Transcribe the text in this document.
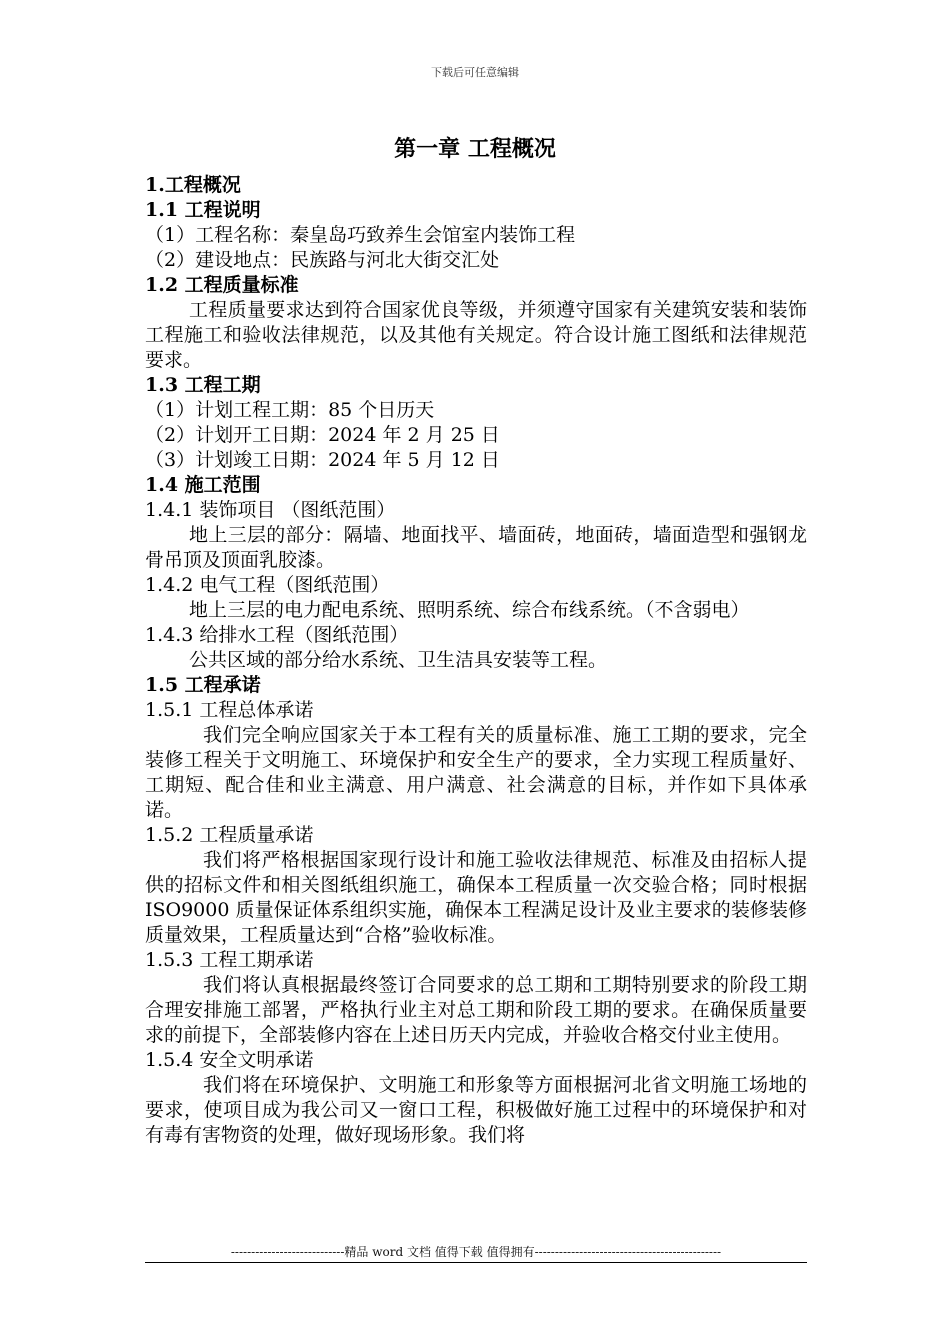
下载后可任意编辑
第一章 工程概况
1.工程概况
1.1 工程说明
（1）工程名称：秦皇岛巧致养生会馆室内装饰工程
（2）建设地点：民族路与河北大街交汇处
1.2 工程质量标准
工程质量要求达到符合国家优良等级，并须遵守国家有关建筑安装和装饰工程施工和验收法律规范，以及其他有关规定。符合设计施工图纸和法律规范要求。
1.3 工程工期
（1）计划工程工期：85 个日历天
（2）计划开工日期：2024 年 2 月 25 日
（3）计划竣工日期：2024 年 5 月 12 日
1.4 施工范围
1.4.1 装饰项目 （图纸范围）
地上三层的部分：隔墙、地面找平、墙面砖，地面砖，墙面造型和强钢龙骨吊顶及顶面乳胶漆。
1.4.2 电气工程（图纸范围）
地上三层的电力配电系统、照明系统、综合布线系统。（不含弱电）
1.4.3 给排水工程（图纸范围）
公共区域的部分给水系统、卫生洁具安装等工程。
1.5 工程承诺
1.5.1 工程总体承诺
我们完全响应国家关于本工程有关的质量标准、施工工期的要求，完全装修工程关于文明施工、环境保护和安全生产的要求，全力实现工程质量好、工期短、配合佳和业主满意、用户满意、社会满意的目标，并作如下具体承诺。
1.5.2 工程质量承诺
我们将严格根据国家现行设计和施工验收法律规范、标准及由招标人提供的招标文件和相关图纸组织施工，确保本工程质量一次交验合格；同时根据 ISO9000 质量保证体系组织实施，确保本工程满足设计及业主要求的装修装修质量效果，工程质量达到“合格”验收标准。
1.5.3 工程工期承诺
我们将认真根据最终签订合同要求的总工期和工期特别要求的阶段工期合理安排施工部署，严格执行业主对总工期和阶段工期的要求。在确保质量要求的前提下，全部装修内容在上述日历天内完成，并验收合格交付业主使用。
1.5.4 安全文明承诺
我们将在环境保护、文明施工和形象等方面根据河北省文明施工场地的要求，使项目成为我公司又一窗口工程，积极做好施工过程中的环境保护和对有毒有害物资的处理，做好现场形象。我们将
----------------------------精品 word 文档 值得下载 值得拥有----------------------------------------------
